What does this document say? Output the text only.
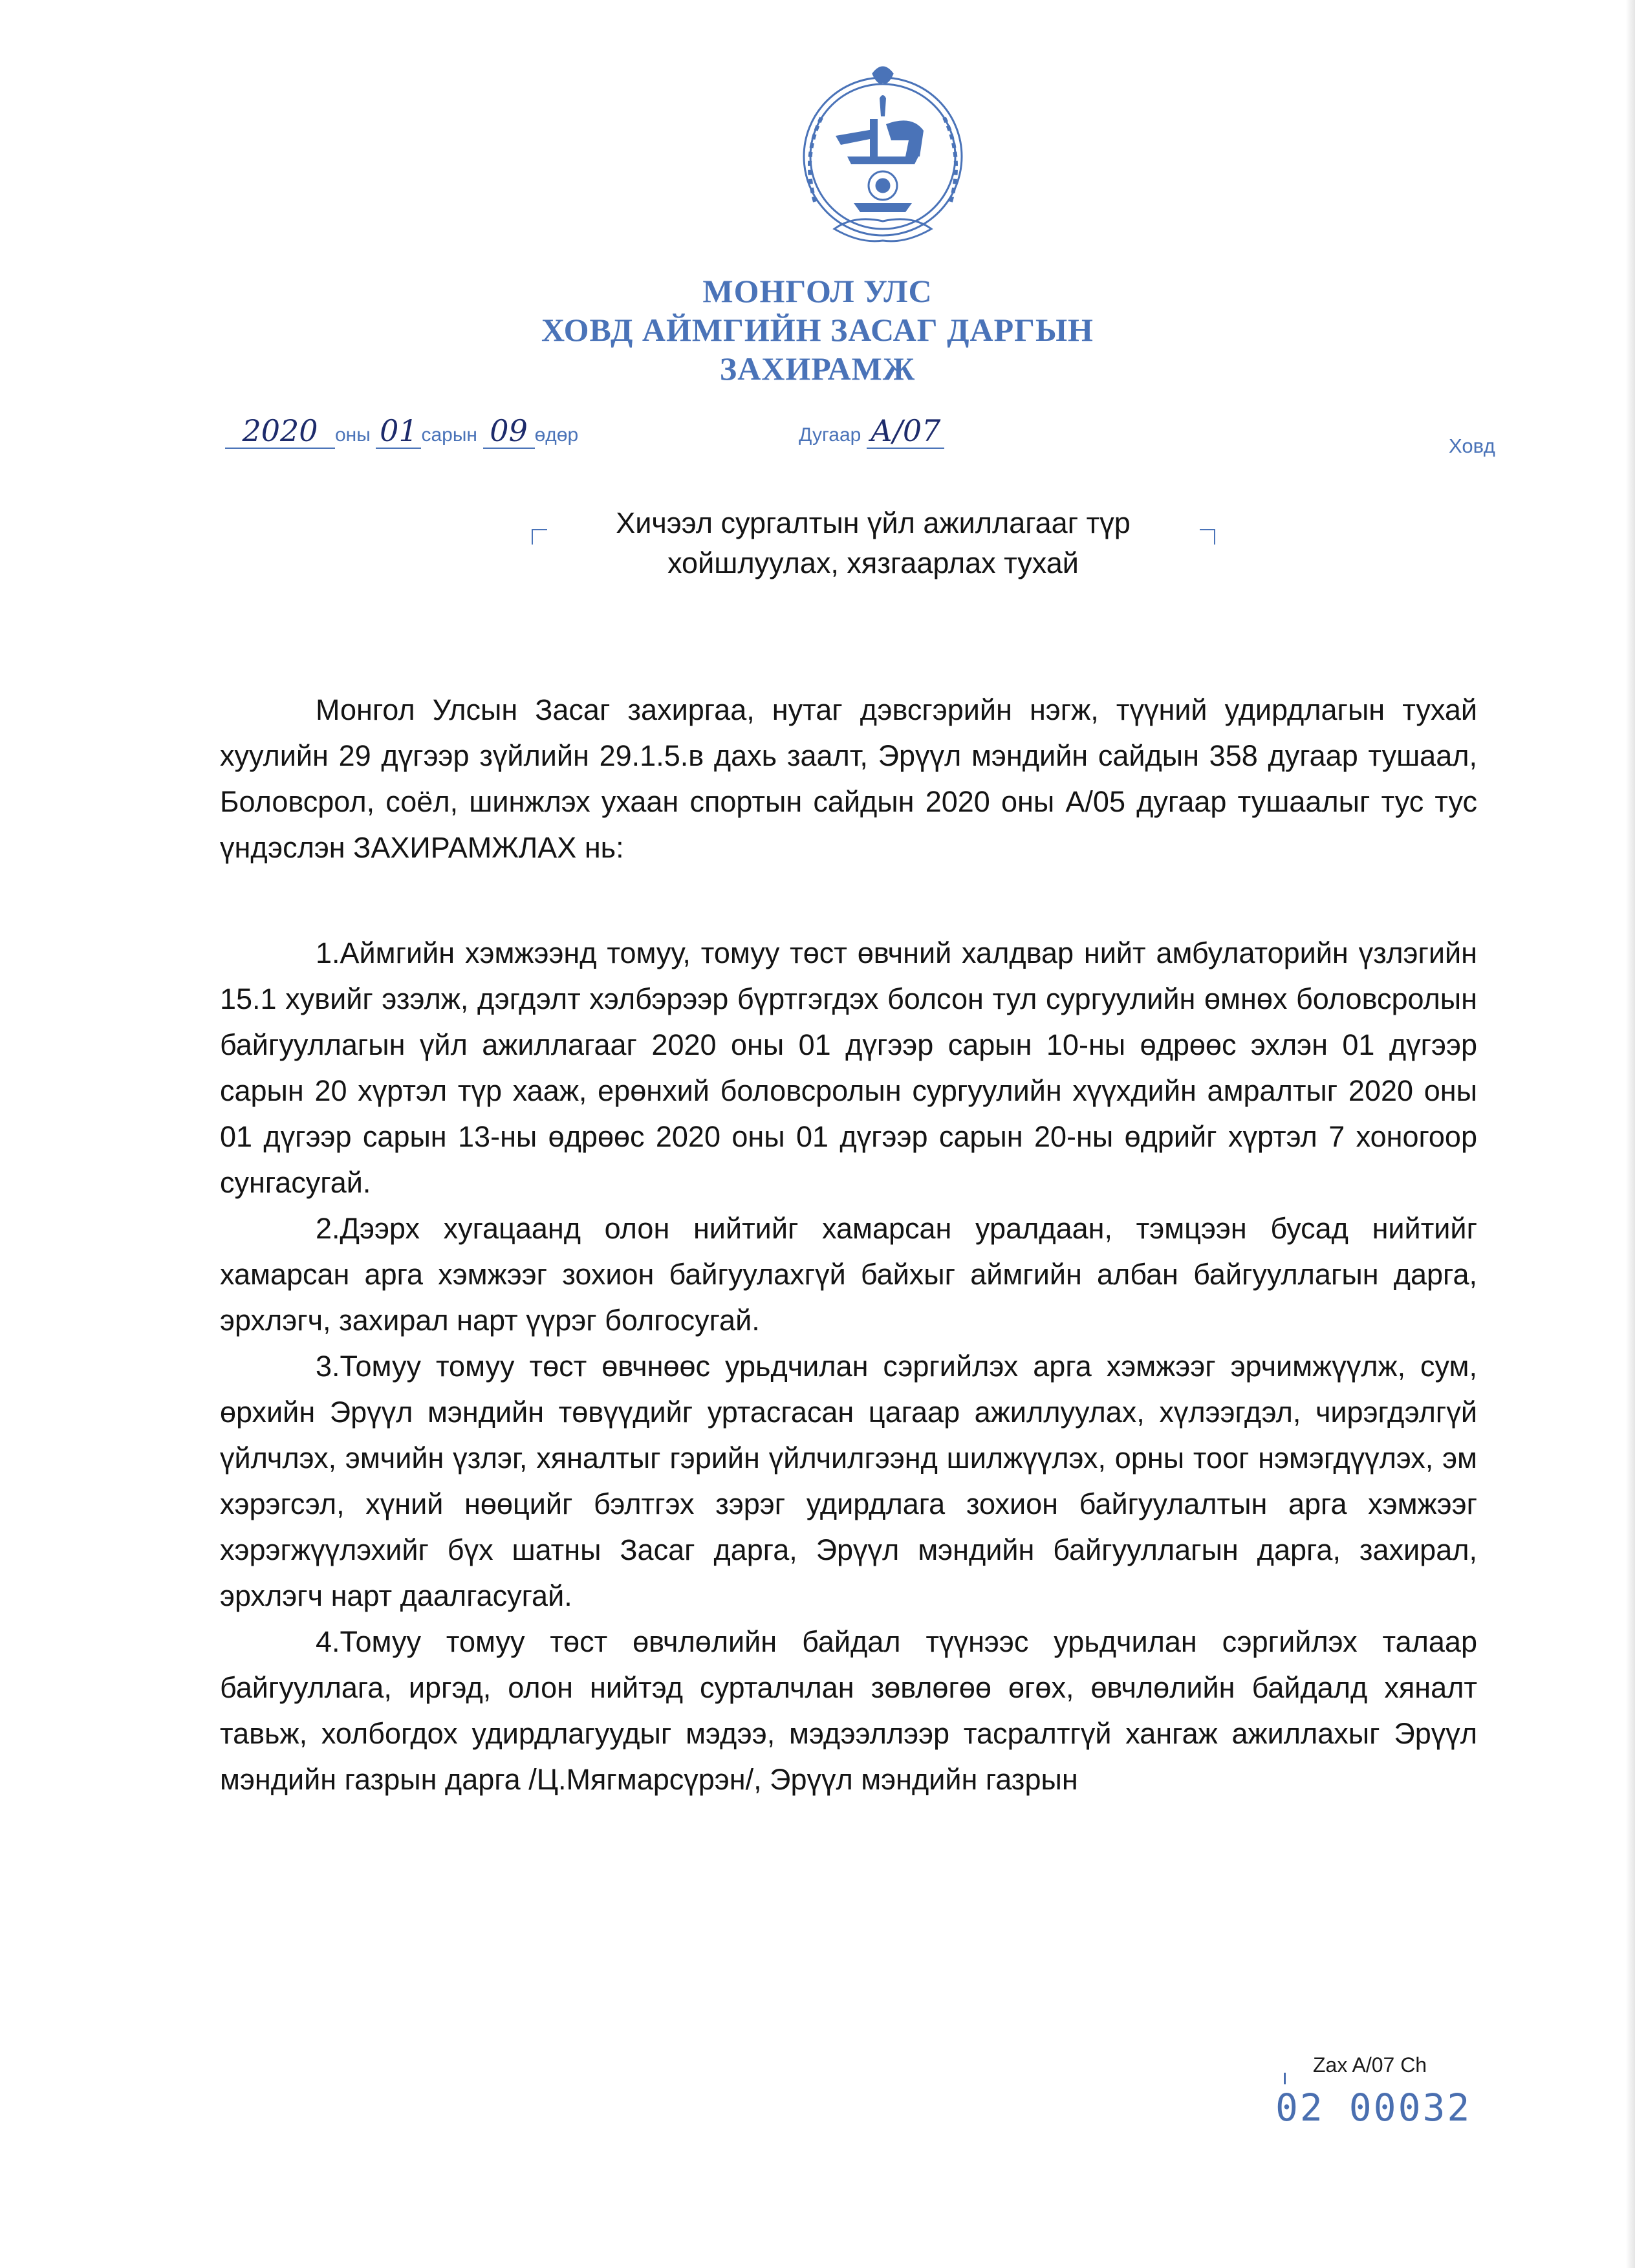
МОНГОЛ УЛС
ХОВД АЙМГИЙН ЗАСАГ ДАРГЫН
ЗАХИРАМЖ
2020 оны 01 сарын 09 өдөр	Дугаар А/07	Ховд
Хичээл сургалтын үйл ажиллагааг түр
хойшлуулах, хязгаарлах тухай

Монгол Улсын Засаг захиргаа, нутаг дэвсгэрийн нэгж, түүний удирдлагын тухай хуулийн 29 дүгээр зүйлийн 29.1.5.в дахь заалт, Эрүүл мэндийн сайдын 358 дугаар тушаал, Боловсрол, соёл, шинжлэх ухаан спортын сайдын 2020 оны А/05 дугаар тушаалыг тус тус үндэслэн ЗАХИРАМЖЛАХ нь:

1.Аймгийн хэмжээнд томуу, томуу төст өвчний халдвар нийт амбулаторийн үзлэгийн 15.1 хувийг эзэлж, дэгдэлт хэлбэрээр бүртгэгдэх болсон тул сургуулийн өмнөх боловсролын байгууллагын үйл ажиллагааг 2020 оны 01 дүгээр сарын 10-ны өдрөөс эхлэн 01 дүгээр сарын 20 хүртэл түр хааж, ерөнхий боловсролын сургуулийн хүүхдийн амралтыг 2020 оны 01 дүгээр сарын 13-ны өдрөөс 2020 оны 01 дүгээр сарын 20-ны өдрийг хүртэл 7 хоногоор сунгасугай.

2.Дээрх хугацаанд олон нийтийг хамарсан уралдаан, тэмцээн бусад нийтийг хамарсан арга хэмжээг зохион байгуулахгүй байхыг аймгийн албан байгууллагын дарга, эрхлэгч, захирал нарт үүрэг болгосугай.

3.Томуу томуу төст өвчнөөс урьдчилан сэргийлэх арга хэмжээг эрчимжүүлж, сум, өрхийн Эрүүл мэндийн төвүүдийг уртасгасан цагаар ажиллуулах, хүлээгдэл, чирэгдэлгүй үйлчлэх, эмчийн үзлэг, хяналтыг гэрийн үйлчилгээнд шилжүүлэх, орны тоог нэмэгдүүлэх, эм хэрэгсэл, хүний нөөцийг бэлтгэх зэрэг удирдлага зохион байгуулалтын арга хэмжээг хэрэгжүүлэхийг бүх шатны Засаг дарга, Эрүүл мэндийн байгууллагын дарга, захирал, эрхлэгч нарт даалгасугай.

4.Томуу томуу төст өвчлөлийн байдал түүнээс урьдчилан сэргийлэх талаар байгууллага, иргэд, олон нийтэд сурталчлан зөвлөгөө өгөх, өвчлөлийн байдалд хяналт тавьж, холбогдох удирдлагуудыг мэдээ, мэдээллээр тасралтгүй хангаж ажиллахыг Эрүүл мэндийн газрын дарга /Ц.Мягмарсүрэн/, Эрүүл мэндийн газрын

Zax A/07 Ch
02 00032
